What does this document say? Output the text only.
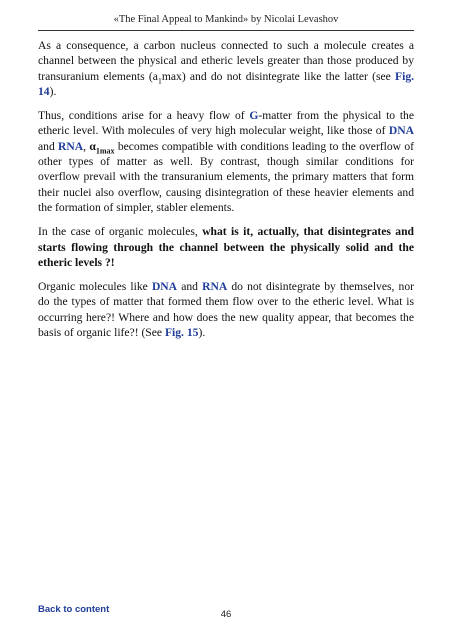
«The Final Appeal to Mankind» by Nicolai Levashov

As a consequence, a carbon nucleus connected to such a molecule creates a channel between the physical and etheric levels greater than those produced by transuranium elements $(a_1\max)$ and do not disintegrate like the latter (see Fig. 14).

Thus, conditions arise for a heavy flow of G-matter from the physical to the etheric level. With molecules of very high molecular weight, like those of DNA and RNA, $\alpha_{1max}$ becomes compatible with conditions leading to the overflow of other types of matter as well. By contrast, though similar conditions for overflow prevail with the transuranium elements, the primary matters that form their nuclei also overflow, causing disintegration of these heavier elements and the formation of simpler, stabler elements.

In the case of organic molecules, what is it, actually, that disintegrates and starts flowing through the channel between the physically solid and the etheric levels ?!

Organic molecules like DNA and RNA do not disintegrate by themselves, nor do the types of matter that formed them flow over to the etheric level. What is occurring here?! Where and how does the new quality appear, that becomes the basis of organic life?! (See Fig. 15).

Back to content	46
